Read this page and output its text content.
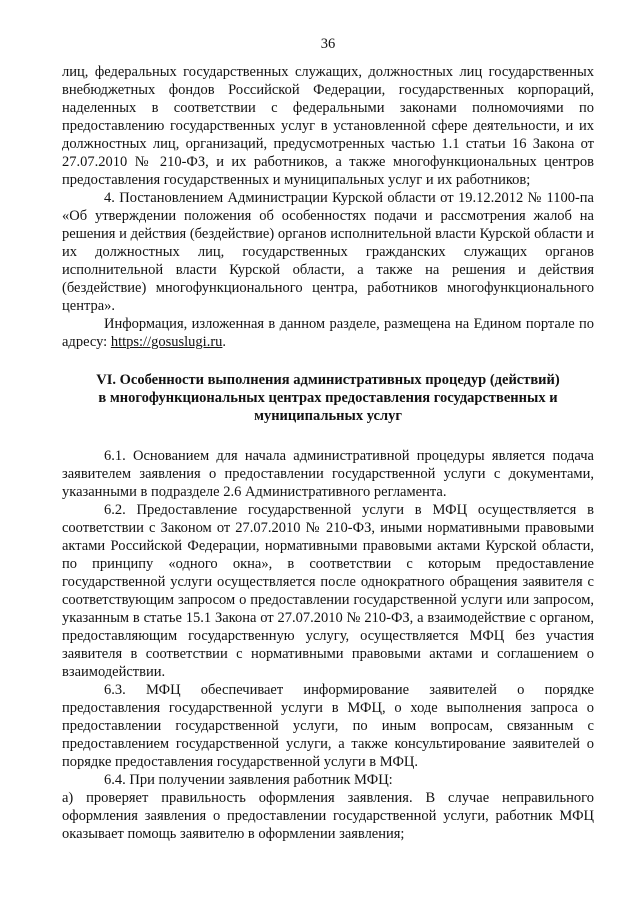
36

лиц, федеральных государственных служащих, должностных лиц государственных внебюджетных фондов Российской Федерации, государственных корпораций, наделенных в соответствии с федеральными законами полномочиями по предоставлению государственных услуг в установленной сфере деятельности, и их должностных лиц, организаций, предусмотренных частью 1.1 статьи 16 Закона от 27.07.2010 № 210-ФЗ, и их работников, а также многофункциональных центров предоставления государственных и муниципальных услуг и их работников;

4. Постановлением Администрации Курской области от 19.12.2012 № 1100-па «Об утверждении положения об особенностях подачи и рассмотрения жалоб на решения и действия (бездействие) органов исполнительной власти Курской области и их должностных лиц, государственных гражданских служащих органов исполнительной власти Курской области, а также на решения и действия (бездействие) многофункционального центра, работников многофункционального центра».

Информация, изложенная в данном разделе, размещена на Едином портале по адресу: https://gosuslugi.ru.

VI. Особенности выполнения административных процедур (действий) в многофункциональных центрах предоставления государственных и муниципальных услуг

6.1. Основанием для начала административной процедуры является подача заявителем заявления о предоставлении государственной услуги с документами, указанными в подразделе 2.6 Административного регламента.

6.2. Предоставление государственной услуги в МФЦ осуществляется в соответствии с Законом от 27.07.2010 № 210-ФЗ, иными нормативными правовыми актами Российской Федерации, нормативными правовыми актами Курской области, по принципу «одного окна», в соответствии с которым предоставление государственной услуги осуществляется после однократного обращения заявителя с соответствующим запросом о предоставлении государственной услуги или запросом, указанным в статье 15.1 Закона от 27.07.2010 № 210-ФЗ, а взаимодействие с органом, предоставляющим государственную услугу, осуществляется МФЦ без участия заявителя в соответствии с нормативными правовыми актами и соглашением о взаимодействии.

6.3. МФЦ обеспечивает информирование заявителей о порядке предоставления государственной услуги в МФЦ, о ходе выполнения запроса о предоставлении государственной услуги, по иным вопросам, связанным с предоставлением государственной услуги, а также консультирование заявителей о порядке предоставления государственной услуги в МФЦ.

6.4. При получении заявления работник МФЦ:

а) проверяет правильность оформления заявления. В случае неправильного оформления заявления о предоставлении государственной услуги, работник МФЦ оказывает помощь заявителю в оформлении заявления;
